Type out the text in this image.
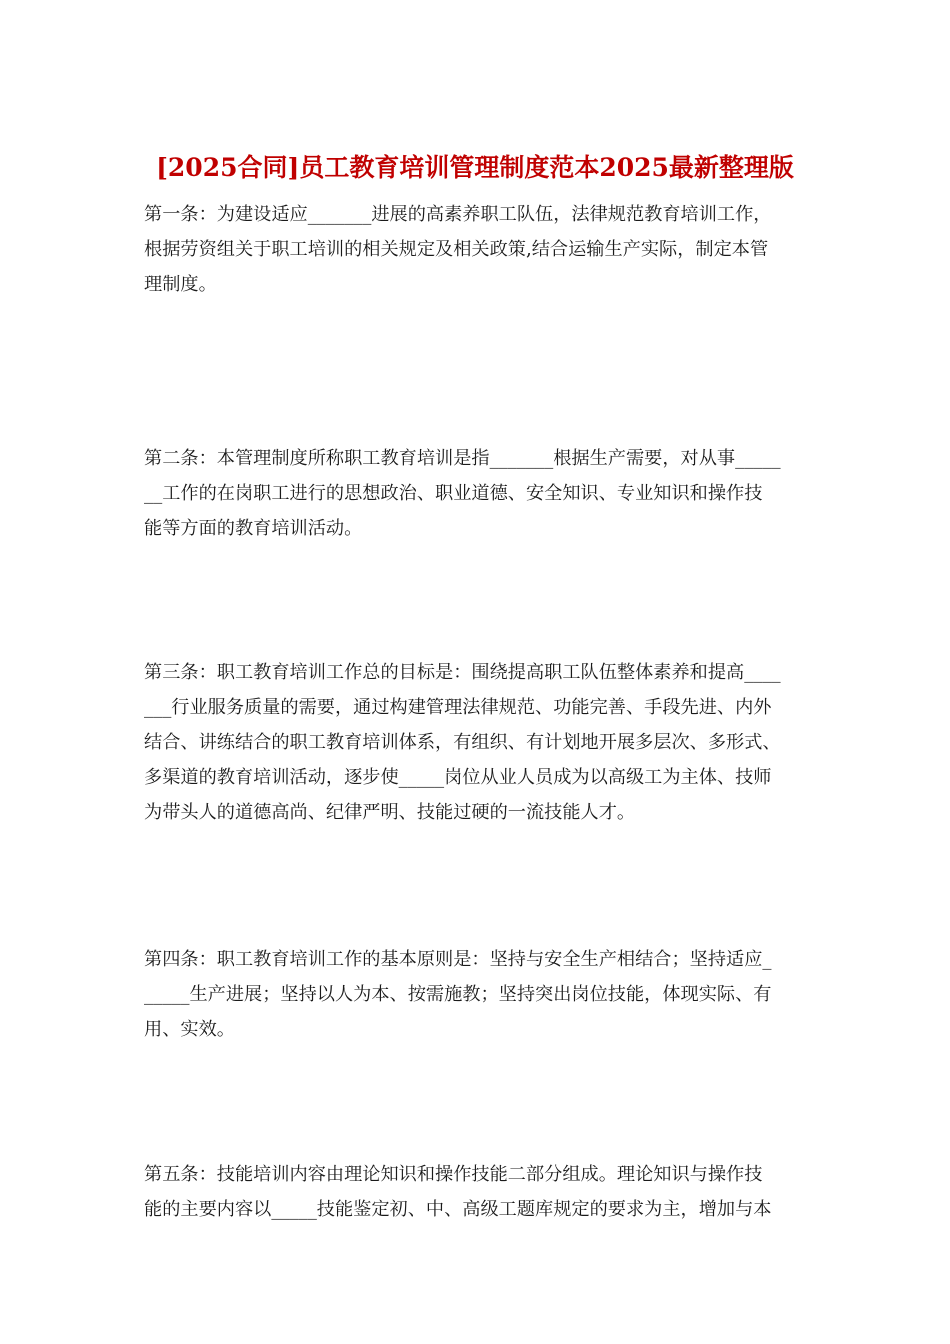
[2025合同]员工教育培训管理制度范本2025最新整理版
第一条：为建设适应_______进展的高素养职工队伍，法律规范教育培训工作，
根据劳资组关于职工培训的相关规定及相关政策,结合运输生产实际，制定本管
理制度。
第二条：本管理制度所称职工教育培训是指_______根据生产需要，对从事_____
__工作的在岗职工进行的思想政治、职业道德、安全知识、专业知识和操作技
能等方面的教育培训活动。
第三条：职工教育培训工作总的目标是：围绕提高职工队伍整体素养和提高____
___行业服务质量的需要，通过构建管理法律规范、功能完善、手段先进、内外
结合、讲练结合的职工教育培训体系，有组织、有计划地开展多层次、多形式、
多渠道的教育培训活动，逐步使_____岗位从业人员成为以高级工为主体、技师
为带头人的道德高尚、纪律严明、技能过硬的一流技能人才。
第四条：职工教育培训工作的基本原则是：坚持与安全生产相结合；坚持适应_
_____生产进展；坚持以人为本、按需施教；坚持突出岗位技能，体现实际、有
用、实效。
第五条：技能培训内容由理论知识和操作技能二部分组成。理论知识与操作技
能的主要内容以_____技能鉴定初、中、高级工题库规定的要求为主，增加与本
